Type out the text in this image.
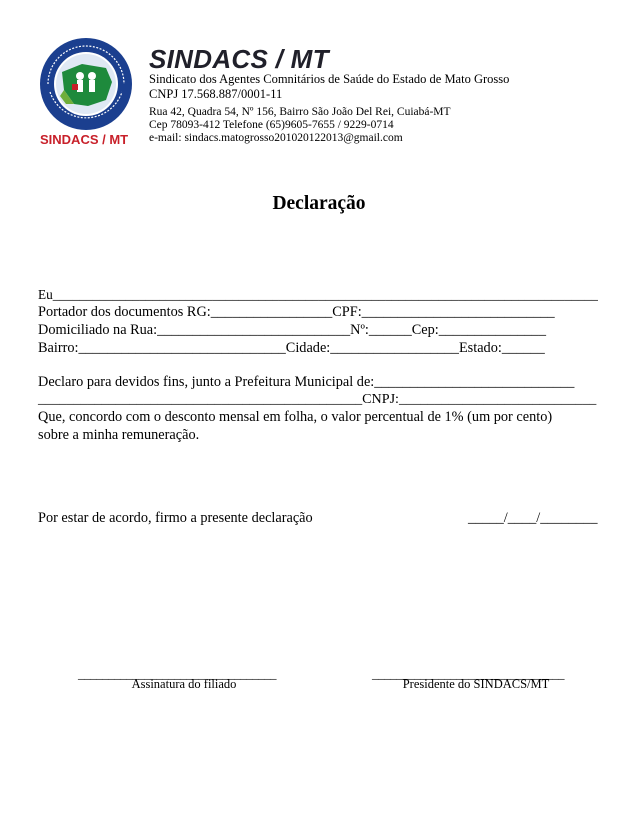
SINDACS / MT
SINDACS / MT
Sindicato dos Agentes Comnitários de Saúde do Estado de Mato Grosso
CNPJ 17.568.887/0001-11
Rua 42, Quadra 54, Nº 156, Bairro São João Del Rei, Cuiabá-MT
Cep 78093-412 Telefone (65)9605-7655 / 9229-0714
e-mail: sindacs.matogrosso201020122013@gmail.com
Declaração
Eu__________________________________________________________________________________
Portador dos documentos RG:_________________CPF:___________________________
Domiciliado na Rua:___________________________Nº:______Cep:_______________
Bairro:_____________________________Cidade:__________________Estado:______
Declaro para devidos fins, junto a Prefeitura Municipal de:____________________________
______________________________________________CNPJ:____________________________
Que, concordo com o desconto mensal em folha, o valor percentual de 1% (um por cento)
sobre a minha remuneração.
Por estar de acordo, firmo a presente declaração	_____/____/________
_________________________________
Assinatura do filiado
________________________________
Presidente do SINDACS/MT
